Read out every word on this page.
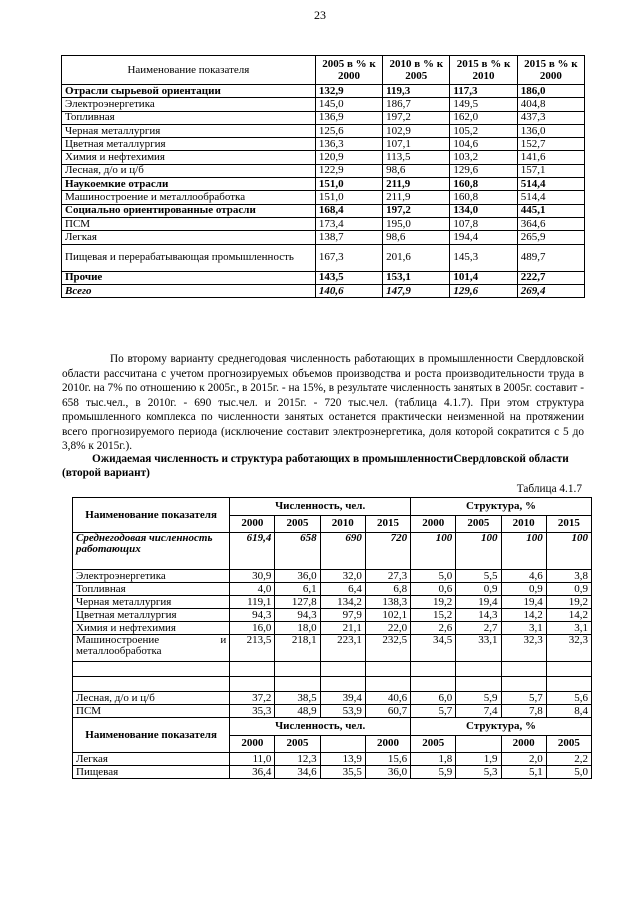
23
Наименование показателя	2005 в % к 2000	2010 в % к 2005	2015 в % к 2010	2015 в % к 2000
Отрасли сырьевой ориентации	132,9	119,3	117,3	186,0
Электроэнергетика	145,0	186,7	149,5	404,8
Топливная	136,9	197,2	162,0	437,3
Черная металлургия	125,6	102,9	105,2	136,0
Цветная металлургия	136,3	107,1	104,6	152,7
Химия и нефтехимия	120,9	113,5	103,2	141,6
Лесная, д/о и ц/б	122,9	98,6	129,6	157,1
Наукоемкие отрасли	151,0	211,9	160,8	514,4
Машиностроение и металлообработка	151,0	211,9	160,8	514,4
Социально ориентированные отрасли	168,4	197,2	134,0	445,1
ПСМ	173,4	195,0	107,8	364,6
Легкая	138,7	98,6	194,4	265,9
Пищевая и перерабатывающая промышленность	167,3	201,6	145,3	489,7
Прочие	143,5	153,1	101,4	222,7
Всего	140,6	147,9	129,6	269,4

По второму варианту среднегодовая численность работающих в промышленности Свердловской области рассчитана с учетом прогнозируемых объемов производства и роста производительности труда в 2010г. на 7% по отношению к 2005г., в 2015г. - на 15%, в результате численность занятых в 2005г. составит - 658 тыс.чел., в 2010г. - 690 тыс.чел. и 2015г. - 720 тыс.чел. (таблица 4.1.7). При этом структура промышленного комплекса по численности занятых останется практически неизменной на протяжении всего прогнозируемого периода (исключение составит электроэнергетика, доля которой сократится с 5 до 3,8% к 2015г.).

Ожидаемая численность и структура работающих в промышленностиСвердловской области (второй вариант)

Таблица 4.1.7
Наименование показателя	Численность, чел.				Структура, %			
	2000	2005	2010	2015	2000	2005	2010	2015
Среднегодовая численность работающих	619,4	658	690	720	100	100	100	100
Электроэнергетика	30,9	36,0	32,0	27,3	5,0	5,5	4,6	3,8
Топливная	4,0	6,1	6,4	6,8	0,6	0,9	0,9	0,9
Черная металлургия	119,1	127,8	134,2	138,3	19,2	19,4	19,4	19,2
Цветная металлургия	94,3	94,3	97,9	102,1	15,2	14,3	14,2	14,2
Химия и нефтехимия	16,0	18,0	21,1	22,0	2,6	2,7	3,1	3,1

Машиностроение и
металлообработка	213,5	218,1	223,1	232,5	34,5	33,1	32,3	32,3

Лесная, д/о и ц/б	37,2	38,5	39,4	40,6	6,0	5,9	5,7	5,6
ПСМ	35,3	48,9	53,9	60,7	5,7	7,4	7,8	8,4
Наименование показателя	Численность, чел.				Структура, %			
	2000	2005		2000	2005		2000	2005
Легкая	11,0	12,3	13,9	15,6	1,8	1,9	2,0	2,2
Пищевая	36,4	34,6	35,5	36,0	5,9	5,3	5,1	5,0
